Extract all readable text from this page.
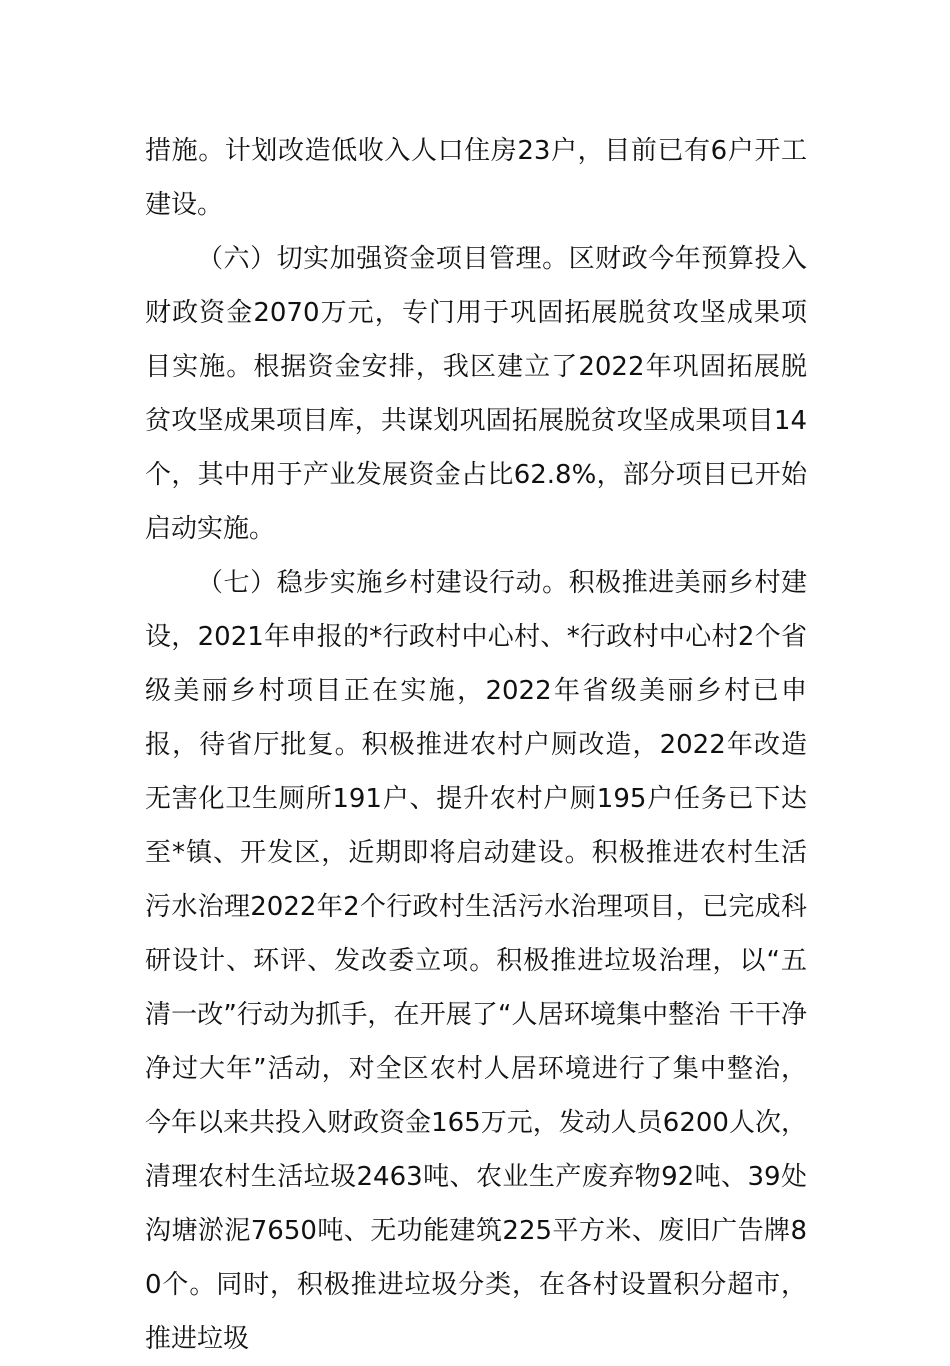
措施。计划改造低收入人口住房23户，目前已有6户开工建设。

（六）切实加强资金项目管理。区财政今年预算投入财政资金2070万元，专门用于巩固拓展脱贫攻坚成果项目实施。根据资金安排，我区建立了2022年巩固拓展脱贫攻坚成果项目库，共谋划巩固拓展脱贫攻坚成果项目14个，其中用于产业发展资金占比62.8%，部分项目已开始启动实施。

（七）稳步实施乡村建设行动。积极推进美丽乡村建设，2021年申报的*行政村中心村、*行政村中心村2个省级美丽乡村项目正在实施，2022年省级美丽乡村已申报，待省厅批复。积极推进农村户厕改造，2022年改造无害化卫生厕所191户、提升农村户厕195户任务已下达至*镇、开发区，近期即将启动建设。积极推进农村生活污水治理2022年2个行政村生活污水治理项目，已完成科研设计、环评、发改委立项。积极推进垃圾治理，以“五清一改”行动为抓手，在开展了“人居环境集中整治 干干净净过大年”活动，对全区农村人居环境进行了集中整治，今年以来共投入财政资金165万元，发动人员6200人次，清理农村生活垃圾2463吨、农业生产废弃物92吨、39处沟塘淤泥7650吨、无功能建筑225平方米、废旧广告牌80个。同时，积极推进垃圾分类，在各村设置积分超市，推进垃圾
